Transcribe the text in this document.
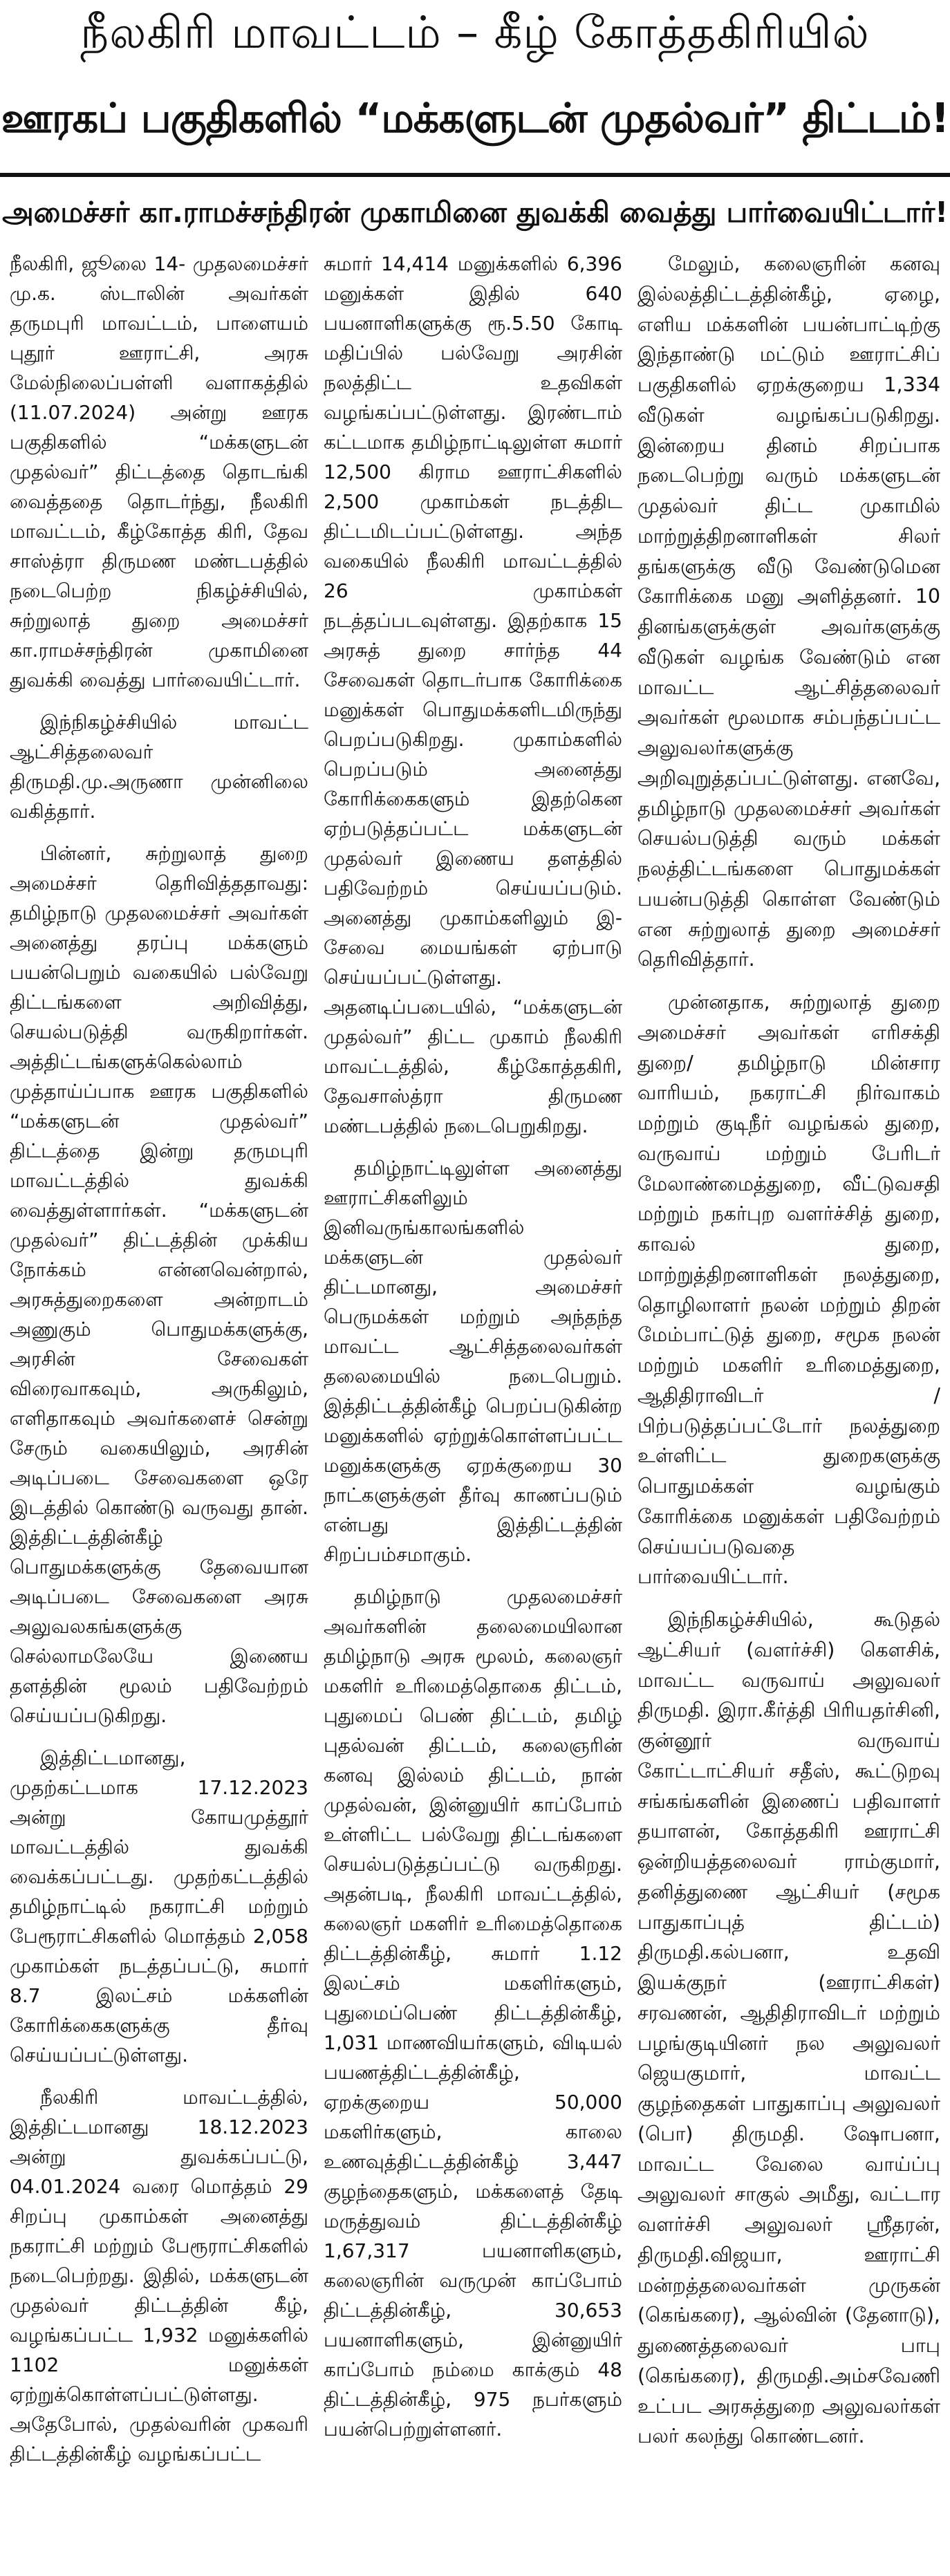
நீலகிரி மாவட்டம் – கீழ் கோத்தகிரியில்
ஊரகப் பகுதிகளில் “மக்களுடன் முதல்வர்” திட்டம்!
அமைச்சர் கா.ராமச்சந்திரன் முகாமினை துவக்கி வைத்து பார்வையிட்டார்!

நீலகிரி, ஜூலை 14- முதலமைச்சர் மு.க. ஸ்டாலின் அவர்கள் தருமபுரி மாவட்டம், பாளையம் புதூர் ஊராட்சி, அரசு மேல்நிலைப்பள்ளி வளாகத்தில் (11.07.2024) அன்று ஊரக பகுதிகளில் “மக்களுடன் முதல்வர்” திட்டத்தை தொடங்கி வைத்ததை தொடர்ந்து, நீலகிரி மாவட்டம், கீழ்கோத்த கிரி, தேவ சாஸ்த்ரா திருமண மண்டபத்தில் நடைபெற்ற நிகழ்ச்சியில், சுற்றுலாத் துறை அமைச்சர் கா.ராமச்சந்திரன் முகாமினை துவக்கி வைத்து பார்வையிட்டார்.

இந்நிகழ்ச்சியில் மாவட்ட ஆட்சித்தலைவர் திருமதி.மு.அருணா முன்னிலை வகித்தார்.

பின்னர், சுற்றுலாத் துறை அமைச்சர் தெரிவித்ததாவது: தமிழ்நாடு முதலமைச்சர் அவர்கள் அனைத்து தரப்பு மக்களும் பயன்பெறும் வகையில் பல்வேறு திட்டங்களை அறிவித்து, செயல்படுத்தி வருகிறார்கள். அத்திட்டங்களுக்கெல்லாம் முத்தாய்ப்பாக ஊரக பகுதிகளில் “மக்களுடன் முதல்வர்” திட்டத்தை இன்று தருமபுரி மாவட்டத்தில் துவக்கி வைத்துள்ளார்கள். “மக்களுடன் முதல்வர்” திட்டத்தின் முக்கிய நோக்கம் என்னவென்றால், அரசுத்துறைகளை அன்றாடம் அணுகும் பொதுமக்களுக்கு, அரசின் சேவைகள் விரைவாகவும், அருகிலும், எளிதாகவும் அவர்களைச் சென்று சேரும் வகையிலும், அரசின் அடிப்படை சேவைகளை ஒரே இடத்தில் கொண்டு வருவது தான். இத்திட்டத்தின்கீழ் பொதுமக்களுக்கு தேவையான அடிப்படை சேவைகளை அரசு அலுவலகங்களுக்கு செல்லாமலேயே இணைய தளத்தின் மூலம் பதிவேற்றம் செய்யப்படுகிறது.

இத்திட்டமானது, முதற்கட்டமாக 17.12.2023 அன்று கோயமுத்தூர் மாவட்டத்தில் துவக்கி வைக்கப்பட்டது. முதற்கட்டத்தில் தமிழ்நாட்டில் நகராட்சி மற்றும் பேரூராட்சிகளில் மொத்தம் 2,058 முகாம்கள் நடத்தப்பட்டு, சுமார் 8.7 இலட்சம் மக்களின் கோரிக்கைகளுக்கு தீர்வு செய்யப்பட்டுள்ளது.

நீலகிரி மாவட்டத்தில், இத்திட்டமானது 18.12.2023 அன்று துவக்கப்பட்டு, 04.01.2024 வரை மொத்தம் 29 சிறப்பு முகாம்கள் அனைத்து நகராட்சி மற்றும் பேரூராட்சிகளில் நடைபெற்றது. இதில், மக்களுடன் முதல்வர் திட்டத்தின் கீழ், வழங்கப்பட்ட 1,932 மனுக்களில் 1102 மனுக்கள் ஏற்றுக்கொள்ளப்பட்டுள்ளது. அதேபோல், முதல்வரின் முகவரி திட்டத்தின்கீழ் வழங்கப்பட்ட

சுமார் 14,414 மனுக்களில் 6,396 மனுக்கள் இதில் 640 பயனாளிகளுக்கு ரூ.5.50 கோடி மதிப்பில் பல்வேறு அரசின் நலத்திட்ட உதவிகள் வழங்கப்பட்டுள்ளது. இரண்டாம் கட்டமாக தமிழ்நாட்டிலுள்ள சுமார் 12,500 கிராம ஊராட்சிகளில் 2,500 முகாம்கள் நடத்திட திட்டமிடப்பட்டுள்ளது. அந்த வகையில் நீலகிரி மாவட்டத்தில் 26 முகாம்கள் நடத்தப்படவுள்ளது. இதற்காக 15 அரசுத் துறை சார்ந்த 44 சேவைகள் தொடர்பாக கோரிக்கை மனுக்கள் பொதுமக்களிடமிருந்து பெறப்படுகிறது. முகாம்களில் பெறப்படும் அனைத்து கோரிக்கைகளும் இதற்கென ஏற்படுத்தப்பட்ட மக்களுடன் முதல்வர் இணைய தளத்தில் பதிவேற்றம் செய்யப்படும். அனைத்து முகாம்களிலும் இ-சேவை மையங்கள் ஏற்பாடு செய்யப்பட்டுள்ளது. அதனடிப்படையில், “மக்களுடன் முதல்வர்” திட்ட முகாம் நீலகிரி மாவட்டத்தில், கீழ்கோத்தகிரி, தேவசாஸ்த்ரா திருமண மண்டபத்தில் நடைபெறுகிறது.

தமிழ்நாட்டிலுள்ள அனைத்து ஊராட்சிகளிலும் இனிவருங்காலங்களில் மக்களுடன் முதல்வர் திட்டமானது, அமைச்சர் பெருமக்கள் மற்றும் அந்தந்த மாவட்ட ஆட்சித்தலைவர்கள் தலைமையில் நடைபெறும். இத்திட்டத்தின்கீழ் பெறப்படுகின்ற மனுக்களில் ஏற்றுக்கொள்ளப்பட்ட மனுக்களுக்கு ஏறக்குறைய 30 நாட்களுக்குள் தீர்வு காணப்படும் என்பது இத்திட்டத்தின் சிறப்பம்சமாகும்.

தமிழ்நாடு முதலமைச்சர் அவர்களின் தலைமையிலான தமிழ்நாடு அரசு மூலம், கலைஞர் மகளிர் உரிமைத்தொகை திட்டம், புதுமைப் பெண் திட்டம், தமிழ் புதல்வன் திட்டம், கலைஞரின் கனவு இல்லம் திட்டம், நான் முதல்வன், இன்னுயிர் காப்போம் உள்ளிட்ட பல்வேறு திட்டங்களை செயல்படுத்தப்பட்டு வருகிறது. அதன்படி, நீலகிரி மாவட்டத்தில், கலைஞர் மகளிர் உரிமைத்தொகை திட்டத்தின்கீழ், சுமார் 1.12 இலட்சம் மகளிர்களும், புதுமைப்பெண் திட்டத்தின்கீழ், 1,031 மாணவியர்களும், விடியல் பயணத்திட்டத்தின்கீழ், ஏறக்குறைய 50,000 மகளிர்களும், காலை உணவுத்திட்டத்தின்கீழ் 3,447 குழந்தைகளும், மக்களைத் தேடி மருத்துவம் திட்டத்தின்கீழ் 1,67,317 பயனாளிகளும், கலைஞரின் வருமுன் காப்போம் திட்டத்தின்கீழ், 30,653 பயனாளிகளும், இன்னுயிர் காப்போம் நம்மை காக்கும் 48 திட்டத்தின்கீழ், 975 நபர்களும் பயன்பெற்றுள்ளனர்.

மேலும், கலைஞரின் கனவு இல்லத்திட்டத்தின்கீழ், ஏழை, எளிய மக்களின் பயன்பாட்டிற்கு இந்தாண்டு மட்டும் ஊராட்சிப் பகுதிகளில் ஏறக்குறைய 1,334 வீடுகள் வழங்கப்படுகிறது. இன்றைய தினம் சிறப்பாக நடைபெற்று வரும் மக்களுடன் முதல்வர் திட்ட முகாமில் மாற்றுத்திறனாளிகள் சிலர் தங்களுக்கு வீடு வேண்டுமென கோரிக்கை மனு அளித்தனர். 10 தினங்களுக்குள் அவர்களுக்கு வீடுகள் வழங்க வேண்டும் என மாவட்ட ஆட்சித்தலைவர் அவர்கள் மூலமாக சம்பந்தப்பட்ட அலுவலர்களுக்கு அறிவுறுத்தப்பட்டுள்ளது. எனவே, தமிழ்நாடு முதலமைச்சர் அவர்கள் செயல்படுத்தி வரும் மக்கள் நலத்திட்டங்களை பொதுமக்கள் பயன்படுத்தி கொள்ள வேண்டும் என சுற்றுலாத் துறை அமைச்சர் தெரிவித்தார்.

முன்னதாக, சுற்றுலாத் துறை அமைச்சர் அவர்கள் எரிசக்தி துறை/ தமிழ்நாடு மின்சார வாரியம், நகராட்சி நிர்வாகம் மற்றும் குடிநீர் வழங்கல் துறை, வருவாய் மற்றும் பேரிடர் மேலாண்மைத்துறை, வீட்டுவசதி மற்றும் நகர்புற வளர்ச்சித் துறை, காவல் துறை, மாற்றுத்திறனாளிகள் நலத்துறை, தொழிலாளர் நலன் மற்றும் திறன் மேம்பாட்டுத் துறை, சமூக நலன் மற்றும் மகளிர் உரிமைத்துறை, ஆதிதிராவிடர் / பிற்படுத்தப்பட்டோர் நலத்துறை உள்ளிட்ட துறைகளுக்கு பொதுமக்கள் வழங்கும் கோரிக்கை மனுக்கள் பதிவேற்றம் செய்யப்படுவதை பார்வையிட்டார்.

இந்நிகழ்ச்சியில், கூடுதல் ஆட்சியர் (வளர்ச்சி) கௌசிக், மாவட்ட வருவாய் அலுவலர் திருமதி. இரா.கீர்த்தி பிரியதர்சினி, குன்னூர் வருவாய் கோட்டாட்சியர் சதீஸ், கூட்டுறவு சங்கங்களின் இணைப் பதிவாளர் தயாளன், கோத்தகிரி ஊராட்சி ஒன்றியத்தலைவர் ராம்குமார், தனித்துணை ஆட்சியர் (சமூக பாதுகாப்புத் திட்டம்) திருமதி.கல்பனா, உதவி இயக்குநர் (ஊராட்சிகள்) சரவணன், ஆதிதிராவிடர் மற்றும் பழங்குடியினர் நல அலுவலர் ஜெயகுமார், மாவட்ட குழந்தைகள் பாதுகாப்பு அலுவலர் (பொ) திருமதி. ஷோபனா, மாவட்ட வேலை வாய்ப்பு அலுவலர் சாகுல் அமீது, வட்டார வளர்ச்சி அலுவலர் ஸ்ரீதரன், திருமதி.விஜயா, ஊராட்சி மன்றத்தலைவர்கள் முருகன் (கெங்கரை), ஆல்வின் (தேனாடு), துணைத்தலைவர் பாபு (கெங்கரை), திருமதி.அம்சவேணி உட்பட அரசுத்துறை அலுவலர்கள் பலர் கலந்து கொண்டனர்.
